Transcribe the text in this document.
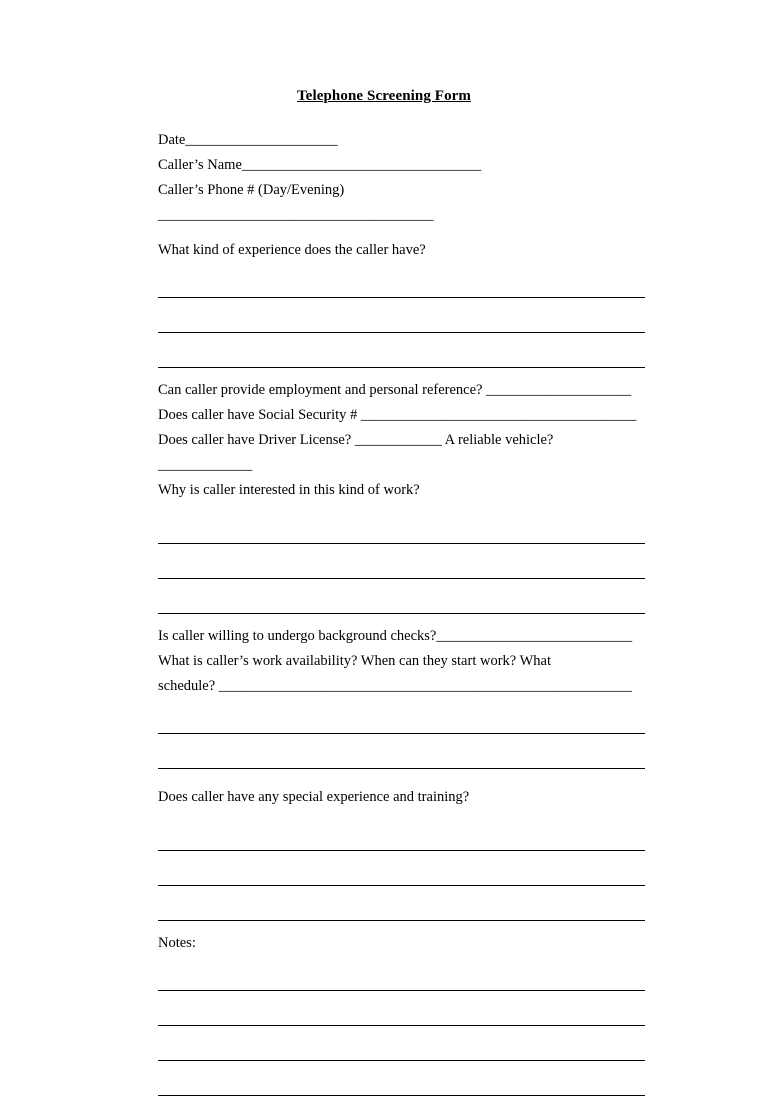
Telephone Screening Form
Date_____________________
Caller’s Name_________________________________
Caller’s Phone # (Day/Evening)
______________________________________
What kind of experience does the caller have?
Can caller provide employment and personal reference? ____________________
Does caller have Social Security # ______________________________________
Does caller have Driver License? ____________ A reliable vehicle?_____________
Why is caller interested in this kind of work?
Is caller willing to undergo background checks?___________________________
What is caller’s work availability? When can they start work? What
schedule? _________________________________________________________
Does caller have any special experience and training?
Notes:
